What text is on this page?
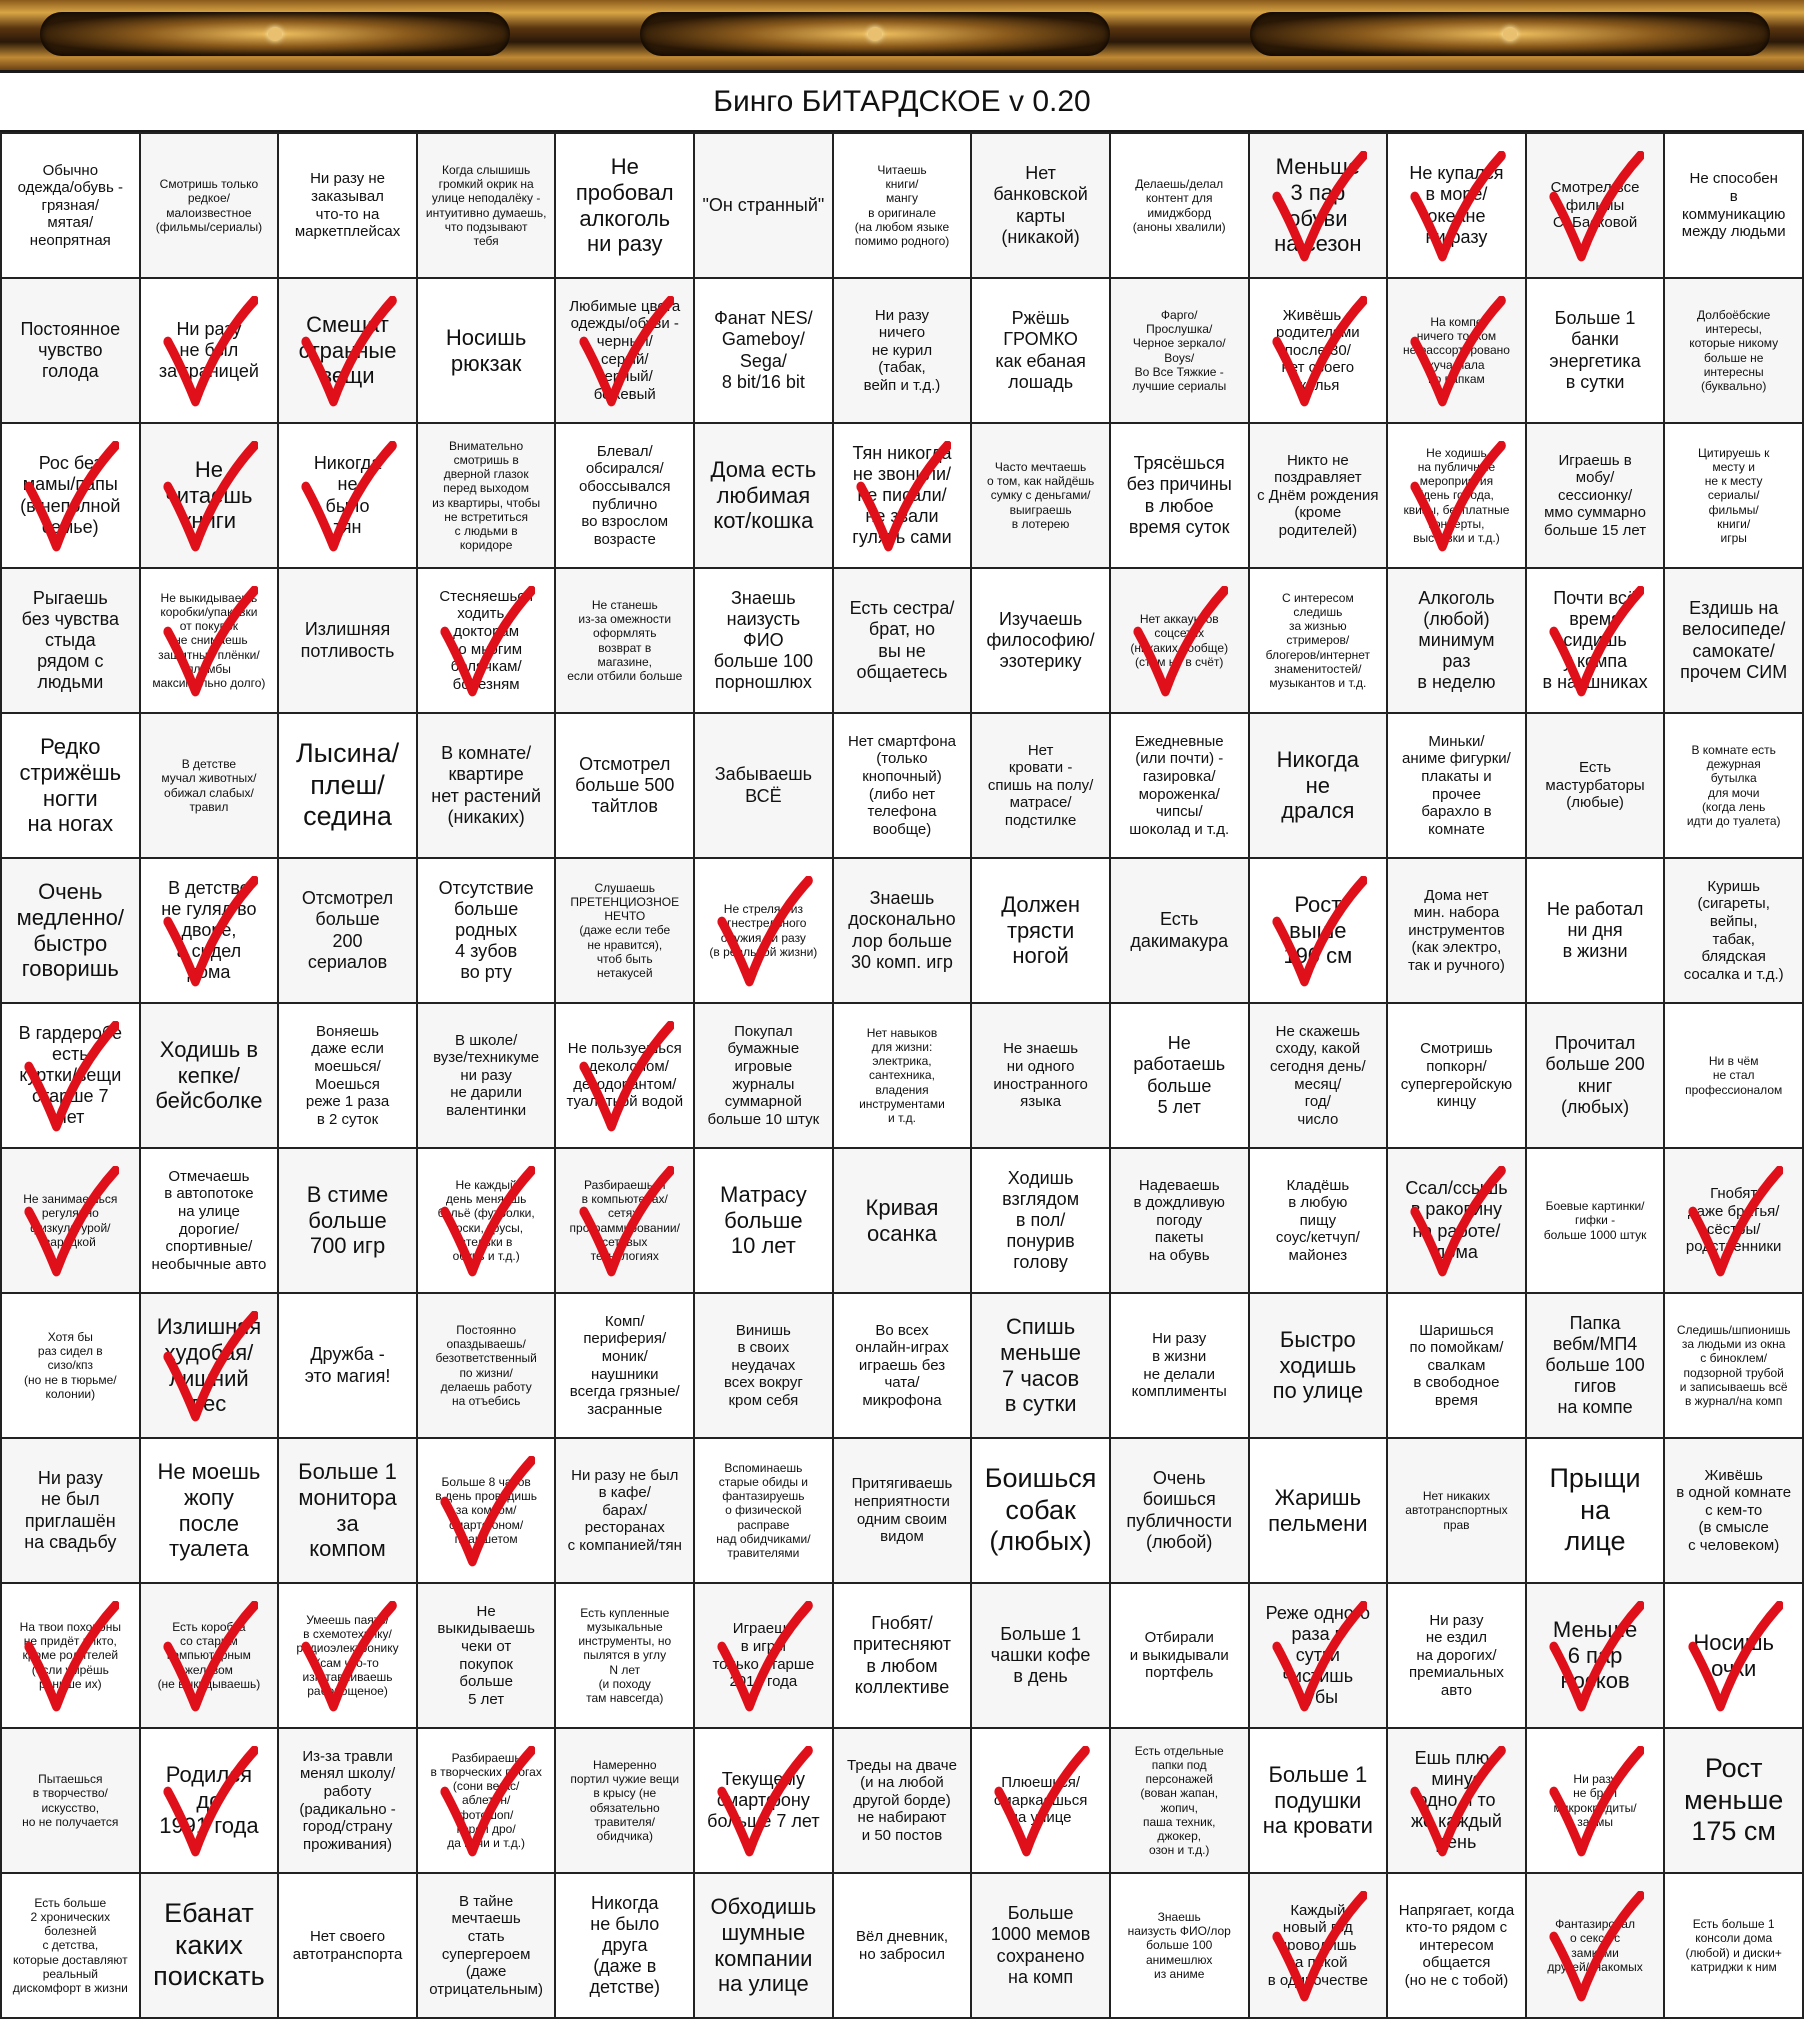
Бинго БИТАРДСКОЕ v 0.20
Обычно
одежда/обувь -
грязная/
мятая/
неопрятная
Смотришь только
редкое/
малоизвестное
(фильмы/сериалы)
Ни разу не
заказывал
что-то на
маркетплейсах
Когда слышишь
громкий окрик на
улице неподалёку -
интуитивно думаешь,
что подзывают
тебя
Не
пробовал
алкоголь
ни разу
"Он странный"
Читаешь
книги/
мангу
в оригинале
(на любом языке
помимо родного)
Нет
банковской
карты
(никакой)
Делаешь/делал
контент для
имиджборд
(аноны хвалили)
Меньше
3 пар
обуви
на сезон
Не купался
в море/
океане
ни разу
Смотрел все
фильмы
С. Басковой
Не способен
в
коммуникацию
между людьми
Постоянное
чувство
голода
Ни разу
не был
за границей
Смешат
странные
вещи
Носишь
рюкзак
Любимые цвета
одежды/обуви -
черный/
серый/
черный/
бежевый
Фанат NES/
Gameboy/
Sega/
8 bit/16 bit
Ни разу
ничего
не курил
(табак,
вейп и т.д.)
Ржёшь
ГРОМКО
как ебаная
лошадь
Фарго/
Прослушка/
Черное зеркало/
Boys/
Во Все Тяжкие -
лучшие сериалы
Живёшь с
родителями
после 30/
нет своего
жилья
На компе
ничего толком
не рассортировано
куча мала
по папкам
Больше 1
банки
энергетика
в сутки
Долбоёбские
интересы,
которые никому
больше не
интересны
(буквально)
Рос без
мамы/папы
(в неполной
семье)
Не
читаешь
книги
Никогда
не
было
тян
Внимательно
смотришь в
дверной глазок
перед выходом
из квартиры, чтобы
не встретиться
с людьми в
коридоре
Блевал/
обсирался/
обоссывался
публично
во взрослом
возрасте
Дома есть
любимая
кот/кошка
Тян никогда
не звонили/
не писали/
не звали
гулять сами
Часто мечтаешь
о том, как найдёшь
сумку с деньгами/
выиграешь
в лотерею
Трясёшься
без причины
в любое
время суток
Никто не
поздравляет
с Днём рождения
(кроме
родителей)
Не ходишь
на публичные
мероприятия
(день города,
квизы, бесплатные
концерты,
выставки и т.д.)
Играешь в
мобу/
сессионку/
ммо суммарно
больше 15 лет
Цитируешь к
месту и
не к месту
сериалы/
фильмы/
книги/
игры
Рыгаешь
без чувства
стыда
рядом с
людьми
Не выкидываешь
коробки/упаковки
от покупок
(не снимаешь
защитные плёнки/
пломбы
максимально долго)
Излишняя
потливость
Стесняешься
ходить к
докторам
по многим
болячкам/
болезням
Не станешь
из-за омежности
оформлять
возврат в
магазине,
если отбили больше
Знаешь
наизусть
ФИО
больше 100
порношлюх
Есть сестра/
брат, но
вы не
общаетесь
Изучаешь
философию/
эзотерику
Нет аккаунтов
соцсетях
(никаких вообще)
(стим не в счёт)
С интересом
следишь
за жизнью
стримеров/
блогеров/интернет
знаменитостей/
музыкантов и т.д.
Алкоголь
(любой)
минимум
раз
в неделю
Почти всё
время
сидишь
у компа
в наушниках
Ездишь на
велосипеде/
самокате/
прочем СИМ
Редко
стрижёшь
ногти
на ногах
В детстве
мучал животных/
обижал слабых/
травил
Лысина/
плеш/
седина
В комнате/
квартире
нет растений
(никаких)
Отсмотрел
больше 500
тайтлов
Забываешь
ВСЁ
Нет смартфона
(только
кнопочный)
(либо нет
телефона
вообще)
Нет
кровати -
спишь на полу/
матрасе/
подстилке
Ежедневные
(или почти) -
газировка/
мороженка/
чипсы/
шоколад и т.д.
Никогда
не
дрался
Миньки/
аниме фигурки/
плакаты и
прочее
барахло в
комнате
Есть
мастурбаторы
(любые)
В комнате есть
дежурная
бутылка
для мочи
(когда лень
идти до туалета)
Очень
медленно/
быстро
говоришь
В детстве
не гулял во
дворе,
а сидел
дома
Отсмотрел
больше
200
сериалов
Отсутствие
больше
родных
4 зубов
во рту
Слушаешь
ПРЕТЕНЦИОЗНОЕ
НЕЧТО
(даже если тебе
не нравится),
чтоб быть
нетакусей
Не стрелял из
огнестрельного
оружия ни разу
(в реальной жизни)
Знаешь
досконально
лор больше
30 комп. игр
Должен
трясти
ногой
Есть
дакимакура
Рост
выше
190 см
Дома нет
мин. набора
инструментов
(как электро,
так и ручного)
Не работал
ни дня
в жизни
Куришь
(сигареты,
вейпы,
табак,
блядская
сосалка и т.д.)
В гардеробе
есть
куртки/вещи
старше 7
лет
Ходишь в
кепке/
бейсболке
Воняешь
даже если
моешься/
Моешься
реже 1 раза
в 2 суток
В школе/
вузе/техникуме
ни разу
не дарили
валентинки
Не пользуешься
одеколоном/
дезодорантом/
туалетной водой
Покупал
бумажные
игровые
журналы
суммарной
больше 10 штук
Нет навыков
для жизни:
электрика,
сантехника,
владения
инструментами
и т.д.
Не знаешь
ни одного
иностранного
языка
Не
работаешь
больше
5 лет
Не скажешь
сходу, какой
сегодня день/
месяц/
год/
число
Смотришь
попкорн/
супергеройскую
кинцу
Прочитал
больше 200
книг
(любых)
Ни в чём
не стал
профессионалом
Не занимаешься
регулярно
физкультурой/
зарядкой
Отмечаешь
в автопотоке
на улице
дорогие/
спортивные/
необычные авто
В стиме
больше
700 игр
Не каждый
день меняешь
бельё (футболки,
носки, трусы,
стельки в
обувь и т.д.)
Разбираешься
в компьютерах/
сетях/
программировании/
сетевых
технологиях
Матрасу
больше
10 лет
Кривая
осанка
Ходишь
взглядом
в пол/
понурив
голову
Надеваешь
в дождливую
погоду
пакеты
на обувь
Кладёшь
в любую
пищу
соус/кетчуп/
майонез
Ссал/ссышь
в раковину
на работе/
дома
Боевые картинки/
гифки -
больше 1000 штук
Гнобят
даже братья/
сёстры/
родственники
Хотя бы
раз сидел в
сизо/кпз
(но не в тюрьме/
колонии)
Излишняя
худобая/
лишний
вес
Дружба -
это магия!
Постоянно
опаздываешь/
безответственный
по жизни/
делаешь работу
на отъебись
Комп/
периферия/
моник/
наушники
всегда грязные/
засранные
Винишь
в своих
неудачах
всех вокруг
кром себя
Во всех
онлайн-играх
играешь без
чата/
микрофона
Спишь
меньше
7 часов
в сутки
Ни разу
в жизни
не делали
комплименты
Быстро
ходишь
по улице
Шаришься
по помойкам/
свалкам
в свободное
время
Папка
вебм/МП4
больше 100
гигов
на компе
Следишь/шпионишь
за людьми из окна
с биноклем/
подзорной трубой
и записываешь всё
в журнал/на комп
Ни разу
не был
приглашён
на свадьбу
Не моешь
жопу
после
туалета
Больше 1
монитора
за
компом
Больше 8 часов
в день проводишь
за компом/
смартфоном/
планшетом
Ни разу не был
в кафе/
барах/
ресторанах
с компанией/тян
Вспоминаешь
старые обиды и
фантазируешь
о физической расправе
над обидчиками/
травителями
Притягиваешь
неприятности
одним своим
видом
Боишься
собак
(любых)
Очень
боишься
публичности
(любой)
Жаришь
пельмени
Нет никаких
автотранспортных
прав
Прыщи
на
лице
Живёшь
в одной комнате
с кем-то
(в смысле
с человеком)
На твои похороны
не придёт никто,
кроме родителей
(если умрёшь
раньше их)
Есть коробка
со старым
компьютерным
железом
(не выкидываешь)
Умеешь паять/
в схемотехнику/
радиоэлектронику
(сам что-то
изготавливаешь
раборощеное)
Не
выкидываешь
чеки от
покупок
больше
5 лет
Есть купленные
музыкальные
инструменты, но
пылятся в углу
N лет
(и походу
там навсегда)
Играешь
в игры
только старше
2014 года
Гнобят/
притесняют
в любом
коллективе
Больше 1
чашки кофе
в день
Отбирали
и выкидывали
портфель
Реже одного
раза в
сутки
чистишь
зубы
Ни разу
не ездил
на дорогих/
премиальных
авто
Меньше
6 пар
носков
Носишь
очки
Пытаешься
в творчество/
искусство,
но не получается
Родился
до
1991 года
Из-за травли
менял школу/
работу
(радикально -
город/страну
проживания)
Разбираешь
в творческих прогах
(сони вегас/
аблетон/
фотошоп/
корел дро/
да вачи и т.д.)
Намеренно
портил чужие вещи
в крысу (не
обязательно
травителя/
обидчика)
Текущему
смартфону
больше 7 лет
Треды на дваче
(и на любой
другой борде)
не набирают
и 50 постов
Плюешься/
смаркаешься
на улице
Есть отдельные
папки под
персонажей
(вован жапан,
жопич,
паша техник,
джокер,
озон и т.д.)
Больше 1
подушки
на кровати
Ешь плюс
минус
одно и то
же каждый
день
Ни разу
не брал
микрокредиты/
займы
Рост
меньше
175 см
Есть больше
2 хронических болезней
с детства,
которые доставляют
реальный
дискомфорт в жизни
Ебанат
каких
поискать
Нет своего
автотранспорта
В тайне
мечтаешь
стать
супергероем
(даже
отрицательным)
Никогда
не было
друга
(даже в
детстве)
Обходишь
шумные
компании
на улице
Вёл дневник,
но забросил
Больше
1000 мемов
сохранено
на комп
Знаешь
наизусть ФИО/лор
больше 100
анимешлюх
из аниме
Каждый
новый год
проводишь
за пекой
в одиночестве
Напрягает, когда
кто-то рядом с
интересом
общается
(но не с тобой)
Фантазировал
о сексе с
замками
друзей/знакомых
Есть больше 1
консоли дома
(любой) и диски+
катриджи к ним
